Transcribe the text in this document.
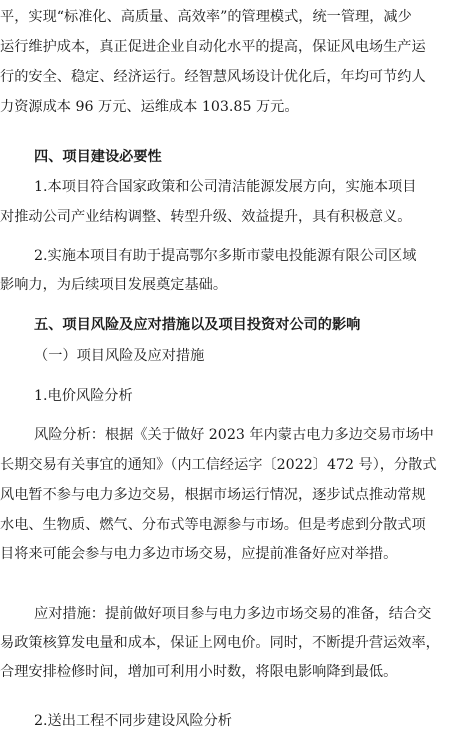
平，实现“标准化、高质量、高效率”的管理模式，统一管理，减少
运行维护成本，真正促进企业自动化水平的提高，保证风电场生产运
行的安全、稳定、经济运行。经智慧风场设计优化后，年均可节约人
力资源成本 96 万元、运维成本 103.85 万元。
四、项目建设必要性
1.本项目符合国家政策和公司清洁能源发展方向，实施本项目
对推动公司产业结构调整、转型升级、效益提升，具有积极意义。
2.实施本项目有助于提高鄂尔多斯市蒙电投能源有限公司区域
影响力，为后续项目发展奠定基础。
五、项目风险及应对措施以及项目投资对公司的影响
（一）项目风险及应对措施
1.电价风险分析
风险分析：根据《关于做好 2023 年内蒙古电力多边交易市场中
长期交易有关事宜的通知》（内工信经运字〔2022〕472 号），分散式
风电暂不参与电力多边交易，根据市场运行情况，逐步试点推动常规
水电、生物质、燃气、分布式等电源参与市场。但是考虑到分散式项
目将来可能会参与电力多边市场交易，应提前准备好应对举措。
应对措施：提前做好项目参与电力多边市场交易的准备，结合交
易政策核算发电量和成本，保证上网电价。同时，不断提升营运效率，
合理安排检修时间，增加可利用小时数，将限电影响降到最低。
2.送出工程不同步建设风险分析
